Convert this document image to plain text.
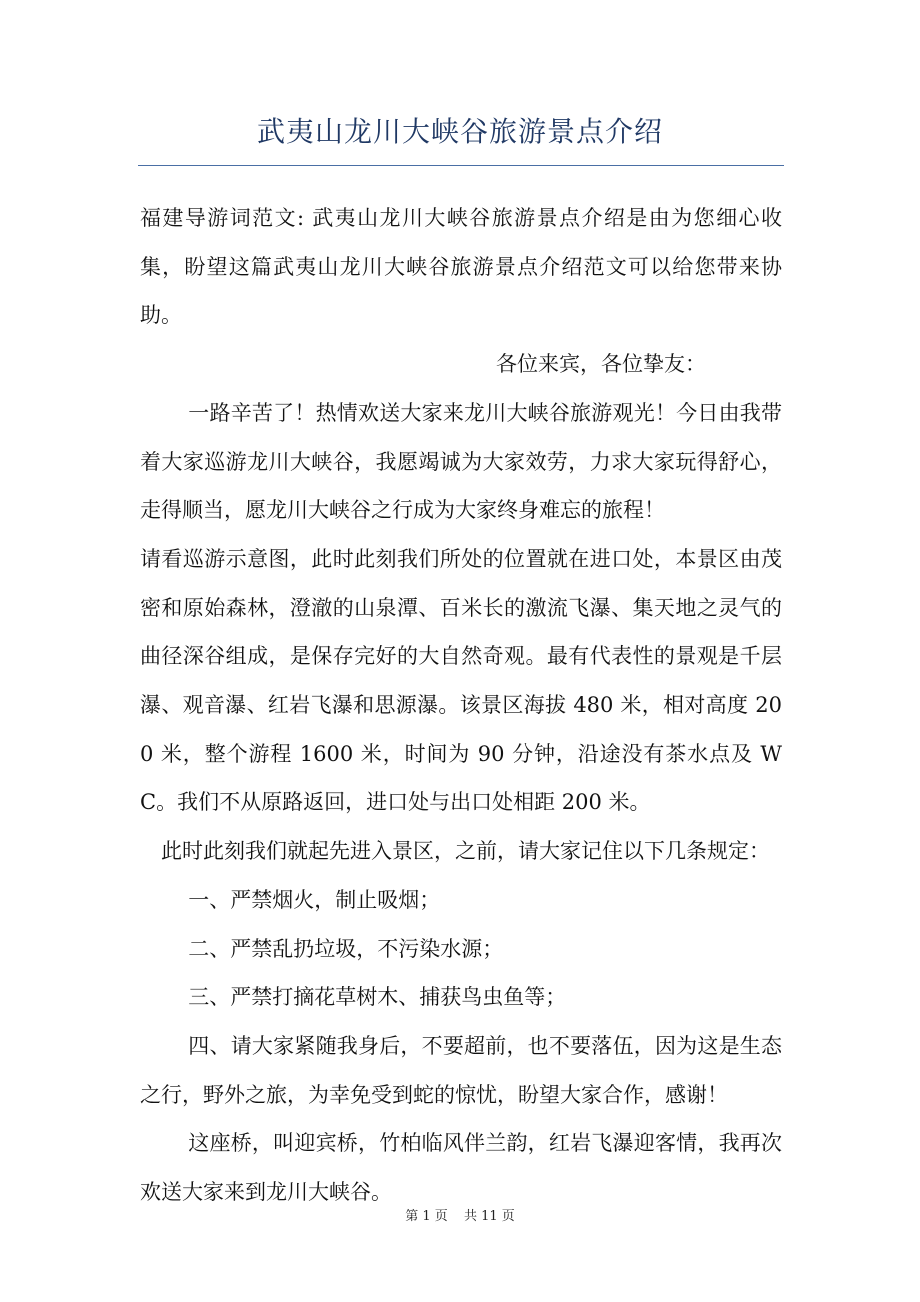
武夷山龙川大峡谷旅游景点介绍

福建导游词范文: 武夷山龙川大峡谷旅游景点介绍是由为您细心收集，盼望这篇武夷山龙川大峡谷旅游景点介绍范文可以给您带来协助。

各位来宾，各位挚友：

一路辛苦了！热情欢送大家来龙川大峡谷旅游观光！今日由我带着大家巡游龙川大峡谷，我愿竭诚为大家效劳，力求大家玩得舒心，走得顺当，愿龙川大峡谷之行成为大家终身难忘的旅程！

请看巡游示意图，此时此刻我们所处的位置就在进口处，本景区由茂密和原始森林，澄澈的山泉潭、百米长的激流飞瀑、集天地之灵气的曲径深谷组成，是保存完好的大自然奇观。最有代表性的景观是千层瀑、观音瀑、红岩飞瀑和思源瀑。该景区海拔 480 米，相对高度 200 米，整个游程 1600 米，时间为 90 分钟，沿途没有茶水点及 WC。我们不从原路返回，进口处与出口处相距 200 米。

此时此刻我们就起先进入景区，之前，请大家记住以下几条规定：

一、严禁烟火，制止吸烟；

二、严禁乱扔垃圾，不污染水源；

三、严禁打摘花草树木、捕获鸟虫鱼等；

四、请大家紧随我身后，不要超前，也不要落伍，因为这是生态之行，野外之旅，为幸免受到蛇的惊忧，盼望大家合作，感谢！

这座桥，叫迎宾桥，竹柏临风伴兰韵，红岩飞瀑迎客情，我再次欢送大家来到龙川大峡谷。

第 1 页 共 11 页
